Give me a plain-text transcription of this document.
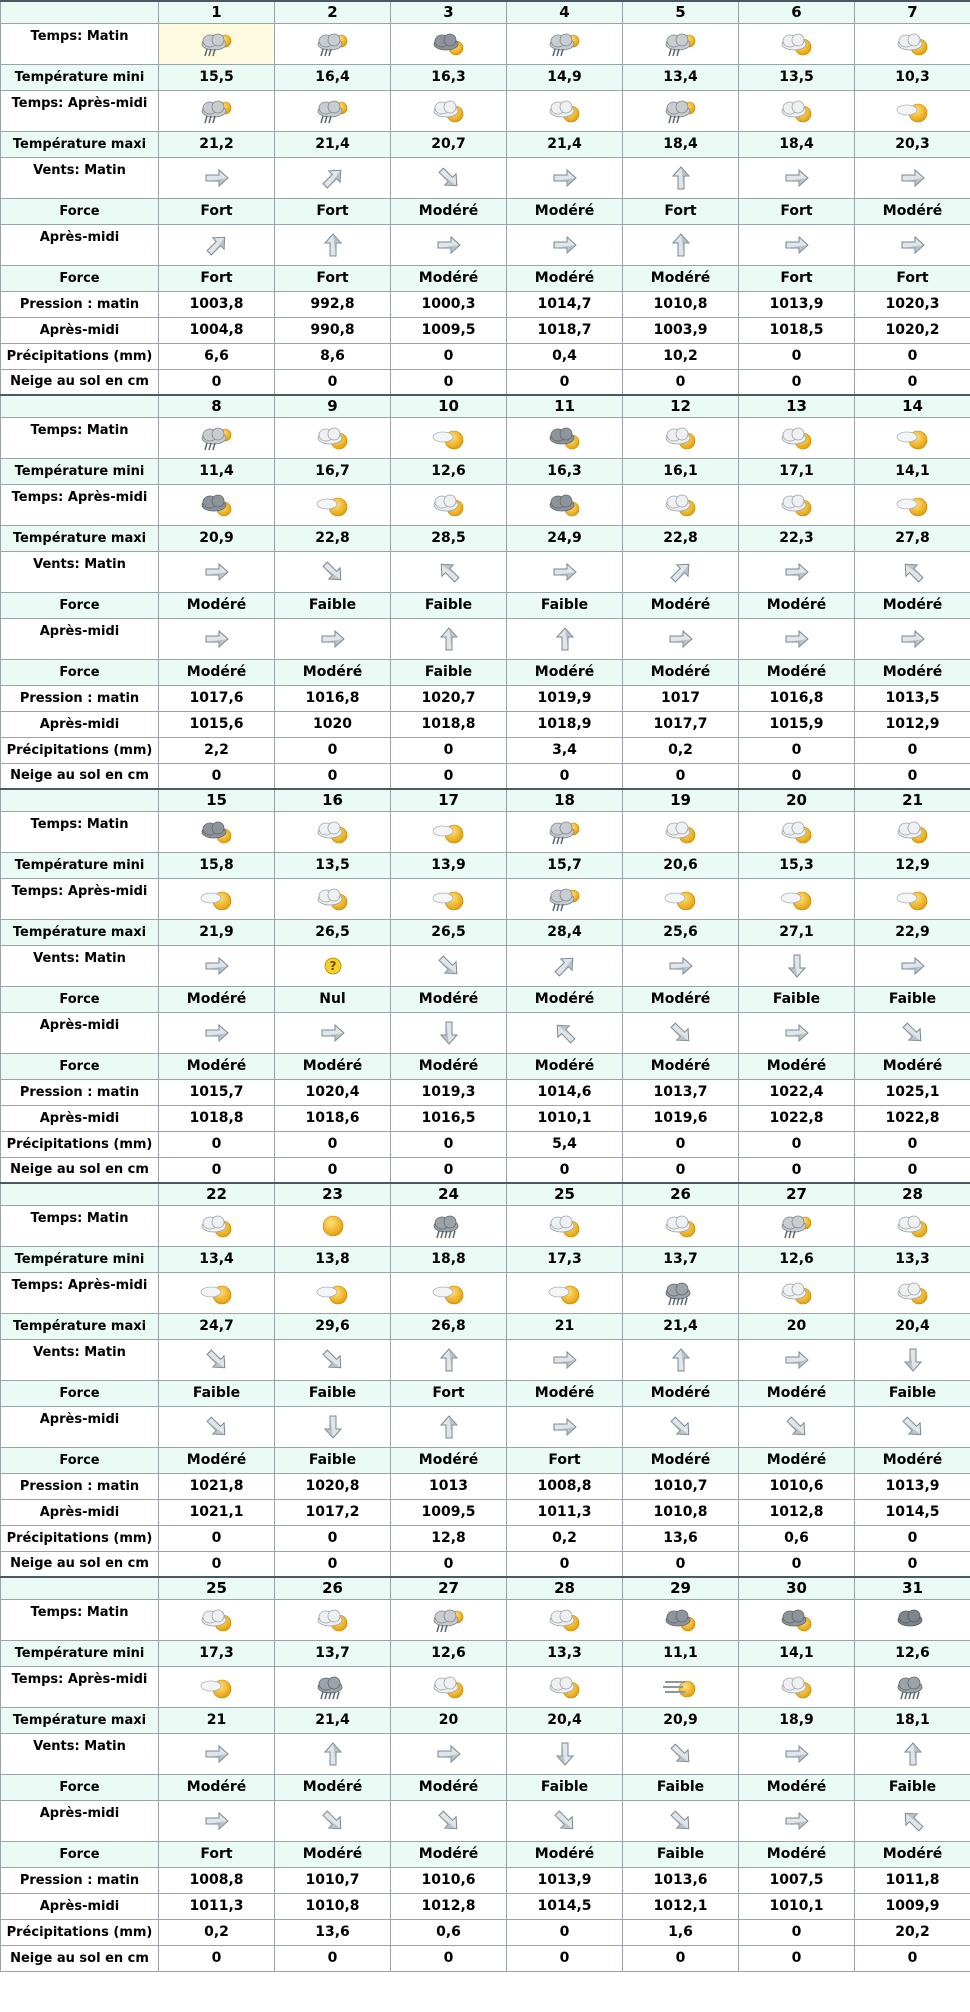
	1	2	3	4	5	6	7
Temps: Matin	

Température mini	15,5	16,4	16,3	14,9	13,4	13,5	10,3
Temps: Après-midi	

Température maxi	21,2	21,4	20,7	21,4	18,4	18,4	20,3
Vents: Matin	

Force	Fort	Fort	Modéré	Modéré	Fort	Fort	Modéré
Après-midi	

Force	Fort	Fort	Modéré	Modéré	Modéré	Fort	Fort
Pression : matin	1003,8	992,8	1000,3	1014,7	1010,8	1013,9	1020,3
Après-midi	1004,8	990,8	1009,5	1018,7	1003,9	1018,5	1020,2
Précipitations (mm)	6,6	8,6	0	0,4	10,2	0	0
Neige au sol en cm	0	0	0	0	0	0	0
	8	9	10	11	12	13	14
Temps: Matin	

Température mini	11,4	16,7	12,6	16,3	16,1	17,1	14,1
Temps: Après-midi	

Température maxi	20,9	22,8	28,5	24,9	22,8	22,3	27,8
Vents: Matin	

Force	Modéré	Faible	Faible	Faible	Modéré	Modéré	Modéré
Après-midi	

Force	Modéré	Modéré	Faible	Modéré	Modéré	Modéré	Modéré
Pression : matin	1017,6	1016,8	1020,7	1019,9	1017	1016,8	1013,5
Après-midi	1015,6	1020	1018,8	1018,9	1017,7	1015,9	1012,9
Précipitations (mm)	2,2	0	0	3,4	0,2	0	0
Neige au sol en cm	0	0	0	0	0	0	0
	15	16	17	18	19	20	21
Temps: Matin	

Température mini	15,8	13,5	13,9	15,7	20,6	15,3	12,9
Temps: Après-midi	

Température maxi	21,9	26,5	26,5	28,4	25,6	27,1	22,9
Vents: Matin		?

Force	Modéré	Nul	Modéré	Modéré	Modéré	Faible	Faible
Après-midi	

Force	Modéré	Modéré	Modéré	Modéré	Modéré	Modéré	Modéré
Pression : matin	1015,7	1020,4	1019,3	1014,6	1013,7	1022,4	1025,1
Après-midi	1018,8	1018,6	1016,5	1010,1	1019,6	1022,8	1022,8
Précipitations (mm)	0	0	0	5,4	0	0	0
Neige au sol en cm	0	0	0	0	0	0	0
	22	23	24	25	26	27	28
Temps: Matin	

Température mini	13,4	13,8	18,8	17,3	13,7	12,6	13,3
Temps: Après-midi	

Température maxi	24,7	29,6	26,8	21	21,4	20	20,4
Vents: Matin	

Force	Faible	Faible	Fort	Modéré	Modéré	Modéré	Faible
Après-midi	

Force	Modéré	Faible	Modéré	Fort	Modéré	Modéré	Modéré
Pression : matin	1021,8	1020,8	1013	1008,8	1010,7	1010,6	1013,9
Après-midi	1021,1	1017,2	1009,5	1011,3	1010,8	1012,8	1014,5
Précipitations (mm)	0	0	12,8	0,2	13,6	0,6	0
Neige au sol en cm	0	0	0	0	0	0	0
	25	26	27	28	29	30	31
Temps: Matin	

Température mini	17,3	13,7	12,6	13,3	11,1	14,1	12,6
Temps: Après-midi	

Température maxi	21	21,4	20	20,4	20,9	18,9	18,1
Vents: Matin	

Force	Modéré	Modéré	Modéré	Faible	Faible	Modéré	Faible
Après-midi	

Force	Fort	Modéré	Modéré	Modéré	Faible	Modéré	Modéré
Pression : matin	1008,8	1010,7	1010,6	1013,9	1013,6	1007,5	1011,8
Après-midi	1011,3	1010,8	1012,8	1014,5	1012,1	1010,1	1009,9
Précipitations (mm)	0,2	13,6	0,6	0	1,6	0	20,2
Neige au sol en cm	0	0	0	0	0	0	0
